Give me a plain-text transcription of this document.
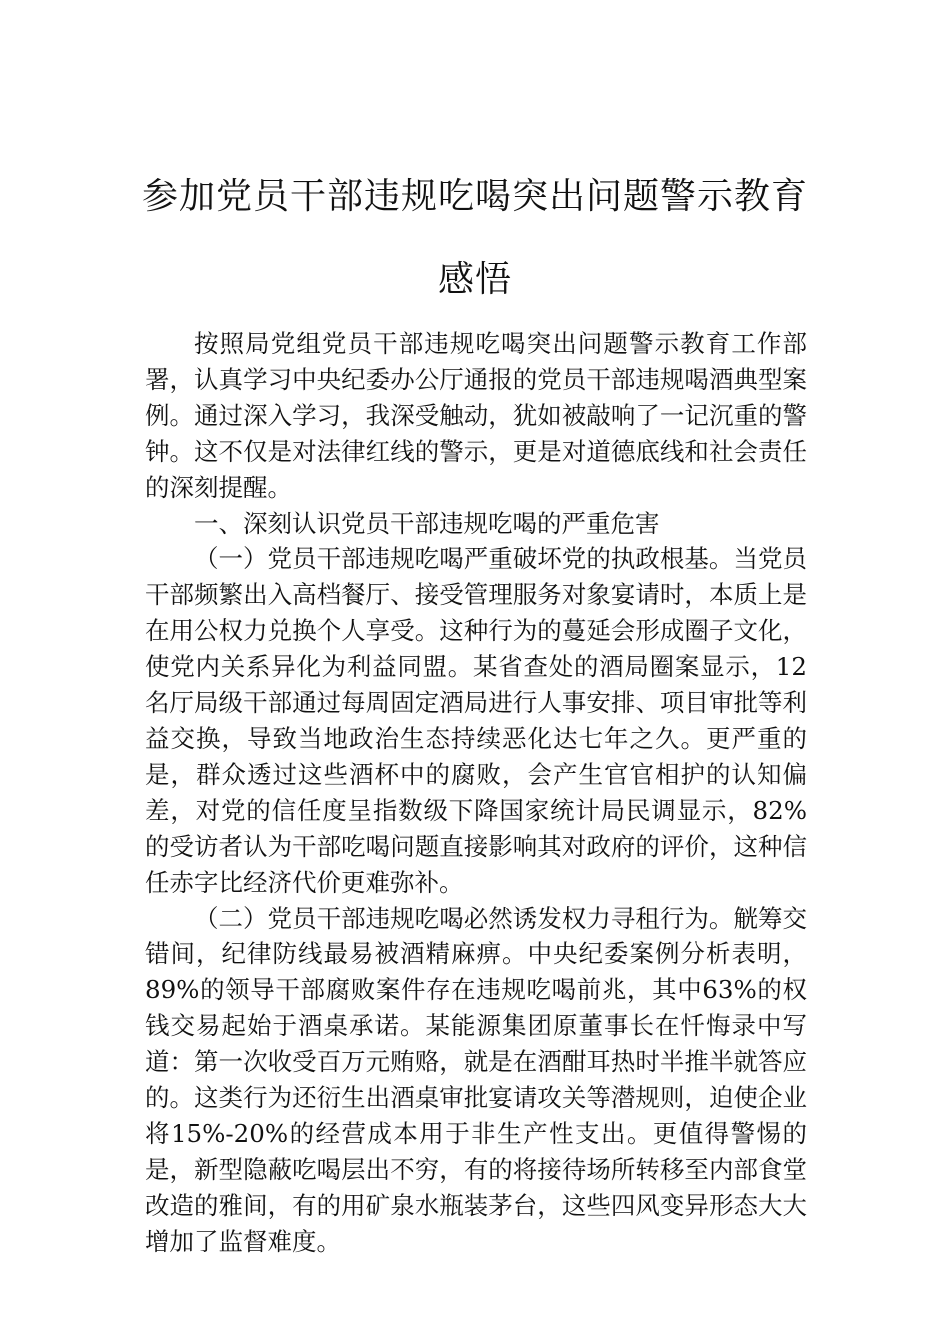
参加党员干部违规吃喝突出问题警示教育
感悟

按照局党组党员干部违规吃喝突出问题警示教育工作部署，认真学习中央纪委办公厅通报的党员干部违规喝酒典型案例。通过深入学习，我深受触动，犹如被敲响了一记沉重的警钟。这不仅是对法律红线的警示，更是对道德底线和社会责任的深刻提醒。

一、深刻认识党员干部违规吃喝的严重危害

（一）党员干部违规吃喝严重破坏党的执政根基。当党员干部频繁出入高档餐厅、接受管理服务对象宴请时，本质上是在用公权力兑换个人享受。这种行为的蔓延会形成圈子文化，使党内关系异化为利益同盟。某省查处的酒局圈案显示，12名厅局级干部通过每周固定酒局进行人事安排、项目审批等利益交换，导致当地政治生态持续恶化达七年之久。更严重的是，群众透过这些酒杯中的腐败，会产生官官相护的认知偏差，对党的信任度呈指数级下降国家统计局民调显示，82%的受访者认为干部吃喝问题直接影响其对政府的评价，这种信任赤字比经济代价更难弥补。

（二）党员干部违规吃喝必然诱发权力寻租行为。觥筹交错间，纪律防线最易被酒精麻痹。中央纪委案例分析表明，89%的领导干部腐败案件存在违规吃喝前兆，其中63%的权钱交易起始于酒桌承诺。某能源集团原董事长在忏悔录中写道：第一次收受百万元贿赂，就是在酒酣耳热时半推半就答应的。这类行为还衍生出酒桌审批宴请攻关等潜规则，迫使企业将15%-20%的经营成本用于非生产性支出。更值得警惕的是，新型隐蔽吃喝层出不穷，有的将接待场所转移至内部食堂改造的雅间，有的用矿泉水瓶装茅台，这些四风变异形态大大增加了监督难度。
